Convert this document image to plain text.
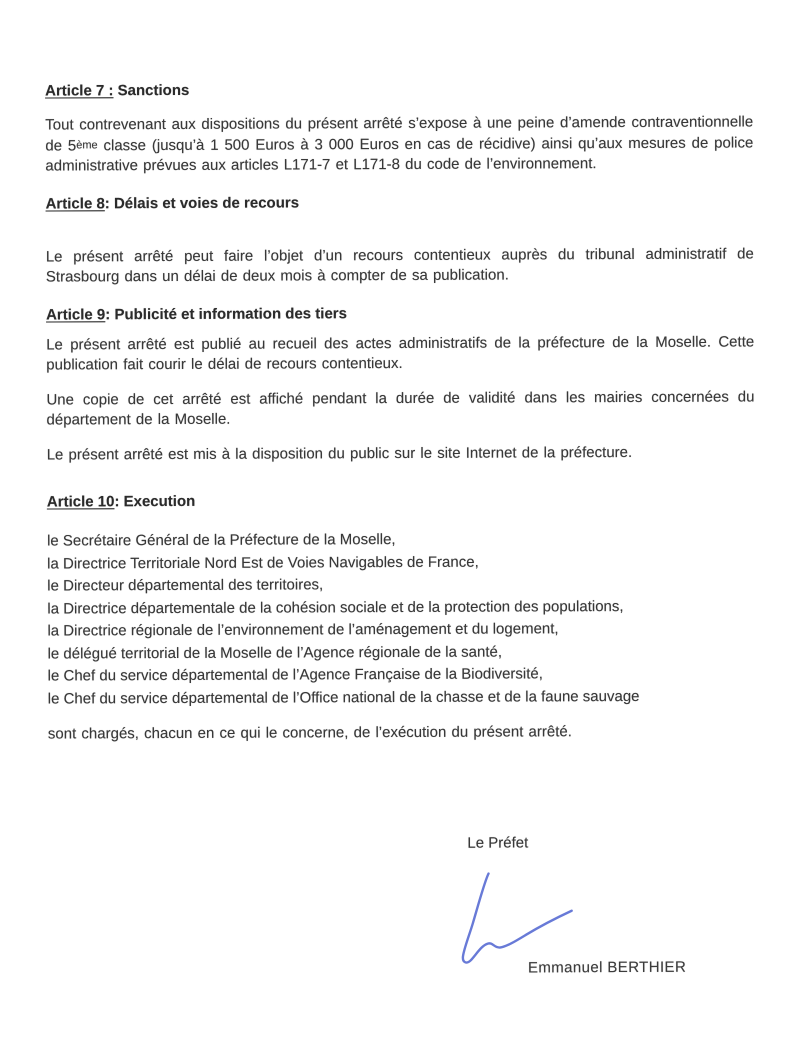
Article 7 : Sanctions

Tout contrevenant aux dispositions du présent arrêté s’expose à une peine d’amende contraventionnelle de 5ème classe (jusqu’à 1 500 Euros à 3 000 Euros en cas de récidive) ainsi qu’aux mesures de police administrative prévues aux articles L171-7 et L171-8 du code de l’environnement.

Article 8: Délais et voies de recours

Le présent arrêté peut faire l’objet d’un recours contentieux auprès du tribunal administratif de Strasbourg dans un délai de deux mois à compter de sa publication.

Article 9: Publicité et information des tiers

Le présent arrêté est publié au recueil des actes administratifs de la préfecture de la Moselle. Cette publication fait courir le délai de recours contentieux.

Une copie de cet arrêté est affiché pendant la durée de validité dans les mairies concernées du département de la Moselle.

Le présent arrêté est mis à la disposition du public sur le site Internet de la préfecture.

Article 10: Execution
le Secrétaire Général de la Préfecture de la Moselle,
la Directrice Territoriale Nord Est de Voies Navigables de France,
le Directeur départemental des territoires,
la Directrice départementale de la cohésion sociale et de la protection des populations,
la Directrice régionale de l’environnement de l’aménagement et du logement,
le délégué territorial de la Moselle de l’Agence régionale de la santé,
le Chef du service départemental de l’Agence Française de la Biodiversité,
le Chef du service départemental de l’Office national de la chasse et de la faune sauvage

sont chargés, chacun en ce qui le concerne, de l’exécution du présent arrêté.

Le Préfet
Emmanuel BERTHIER
